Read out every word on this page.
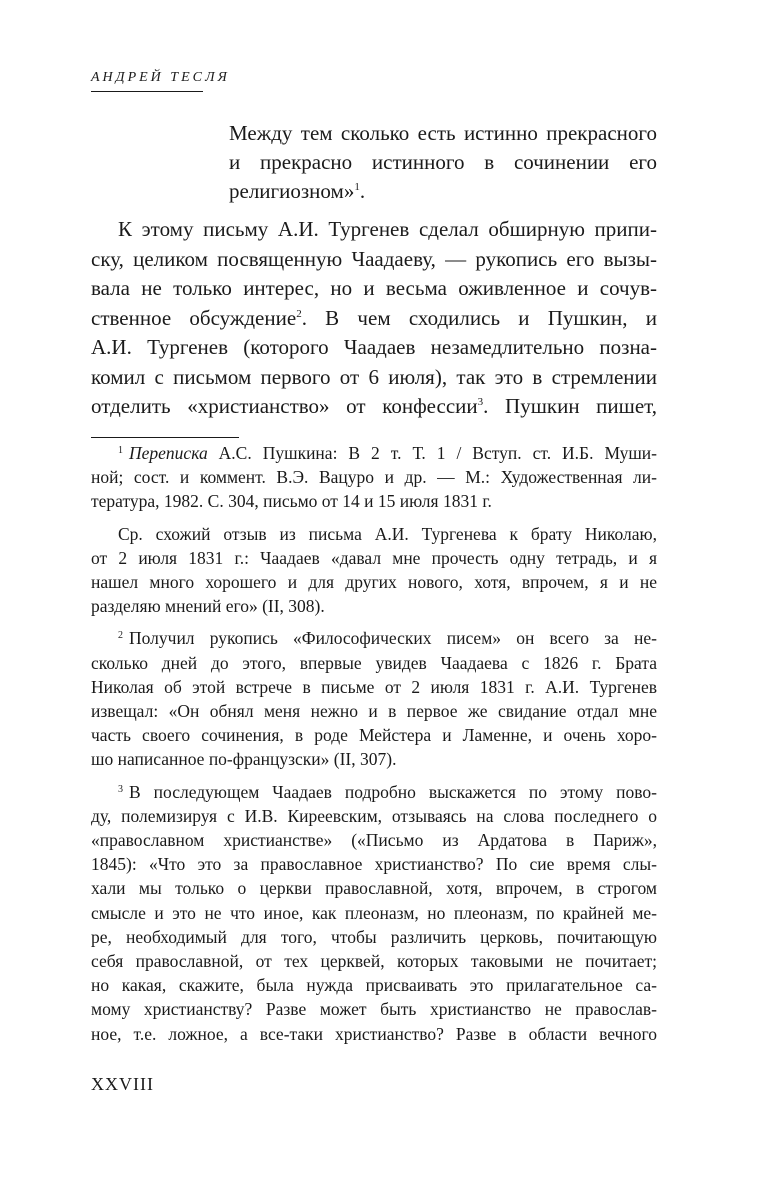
АНДРЕЙ ТЕСЛЯ
Между тем сколько есть истинно прекрасного
и прекрасно истинного в сочинении его
религиозном»$^1$.
К этому письму А.И. Тургенев сделал обширную припи-
ску, целиком посвященную Чаадаеву, — рукопись его вызы-
вала не только интерес, но и весьма оживленное и сочув-
ственное обсуждение$^2$. В чем сходились и Пушкин, и
А.И. Тургенев (которого Чаадаев незамедлительно позна-
комил с письмом первого от 6 июля), так это в стремлении
отделить «христианство» от конфессии$^3$. Пушкин пишет,
$^1$ Переписка А.С. Пушкина: В 2 т. Т. 1 / Вступ. ст. И.Б. Муши-
ной; сост. и коммент. В.Э. Вацуро и др. — М.: Художественная ли-
тература, 1982. С. 304, письмо от 14 и 15 июля 1831 г.
Ср. схожий отзыв из письма А.И. Тургенева к брату Николаю,
от 2 июля 1831 г.: Чаадаев «давал мне прочесть одну тетрадь, и я
нашел много хорошего и для других нового, хотя, впрочем, я и не
разделяю мнений его» (II, 308).
$^2$ Получил рукопись «Философических писем» он всего за не-
сколько дней до этого, впервые увидев Чаадаева с 1826 г. Брата
Николая об этой встрече в письме от 2 июля 1831 г. А.И. Тургенев
извещал: «Он обнял меня нежно и в первое же свидание отдал мне
часть своего сочинения, в роде Мейстера и Ламенне, и очень хоро-
шо написанное по-французски» (II, 307).
$^3$ В последующем Чаадаев подробно выскажется по этому пово-
ду, полемизируя с И.В. Киреевским, отзываясь на слова последнего о
«православном христианстве» («Письмо из Ардатова в Париж»,
1845): «Что это за православное христианство? По сие время слы-
хали мы только о церкви православной, хотя, впрочем, в строгом
смысле и это не что иное, как плеоназм, но плеоназм, по крайней ме-
ре, необходимый для того, чтобы различить церковь, почитающую
себя православной, от тех церквей, которых таковыми не почитает;
но какая, скажите, была нужда присваивать это прилагательное са-
мому христианству? Разве может быть христианство не православ-
ное, т.е. ложное, а все-таки христианство? Разве в области вечного
XXVIII
